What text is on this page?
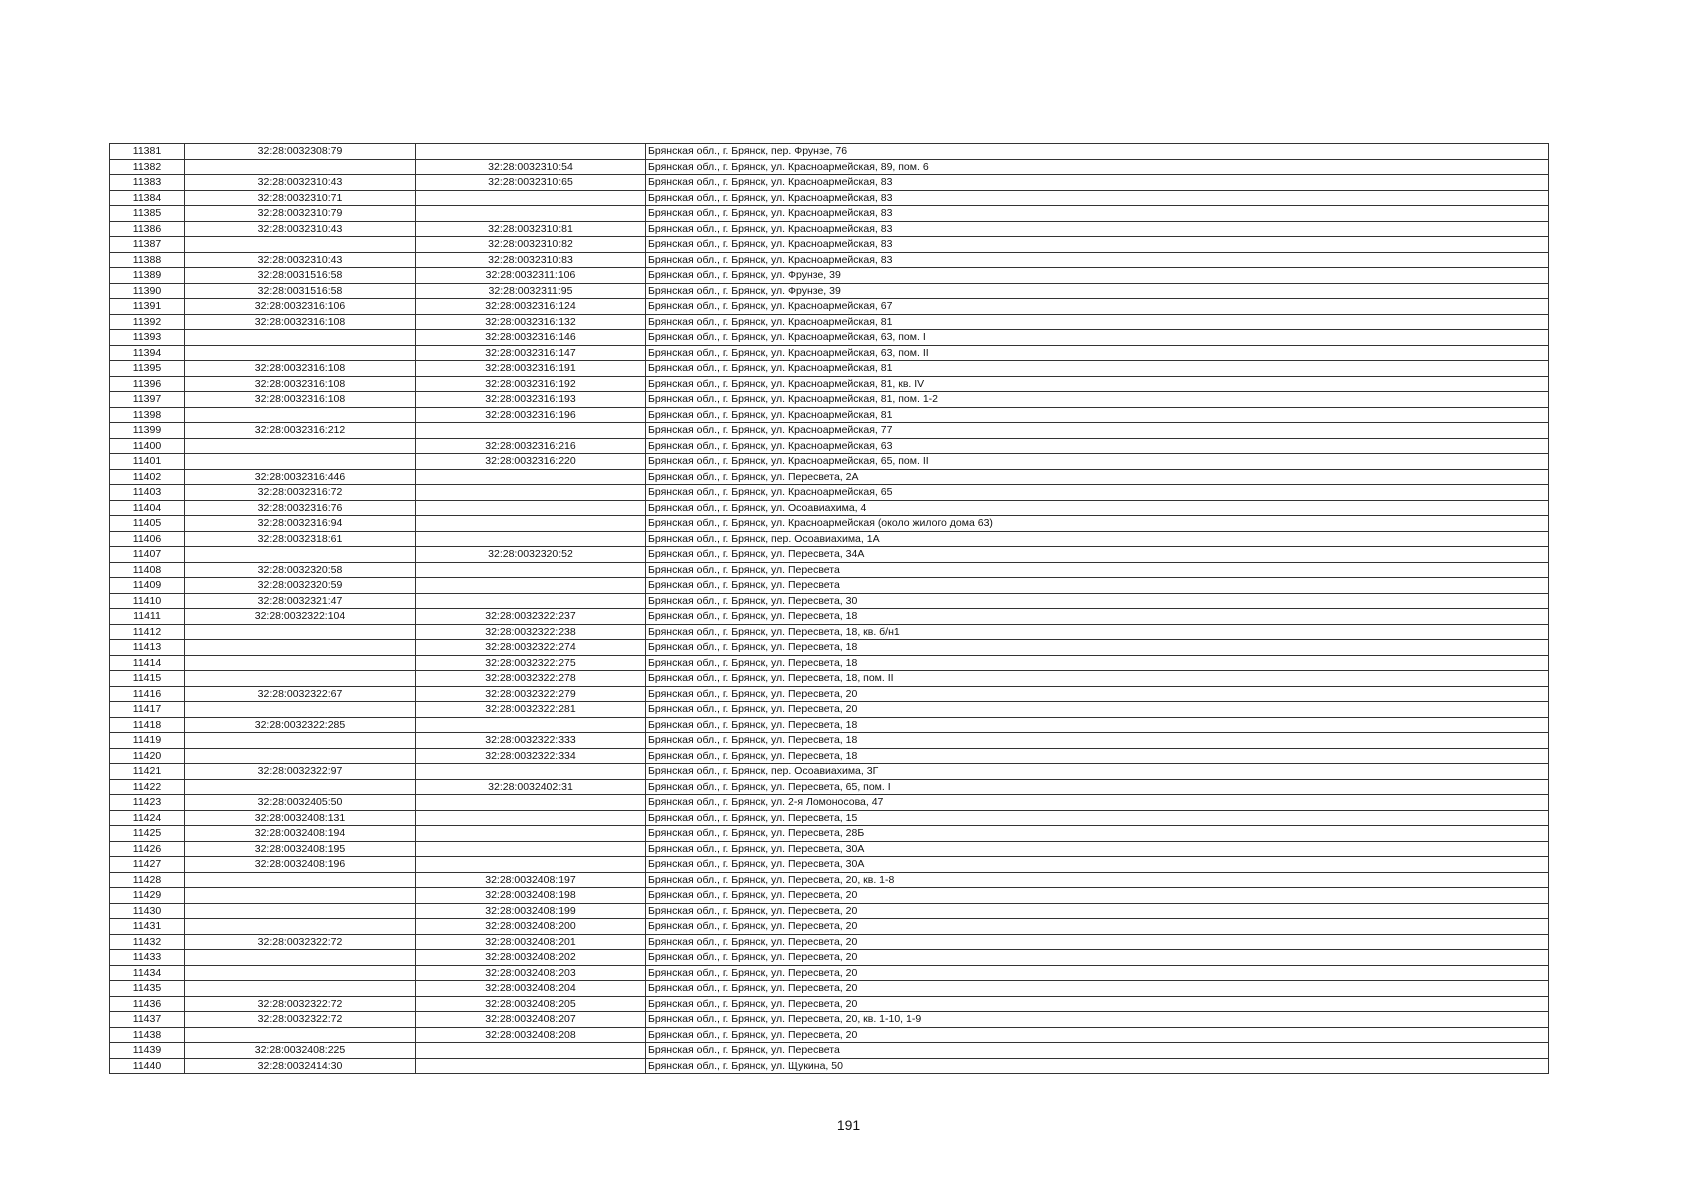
11381	32:28:0032308:79		Брянская обл., г. Брянск, пер. Фрунзе, 76
11382		32:28:0032310:54	Брянская обл., г. Брянск, ул. Красноармейская, 89, пом. 6
11383	32:28:0032310:43	32:28:0032310:65	Брянская обл., г. Брянск, ул. Красноармейская, 83
11384	32:28:0032310:71		Брянская обл., г. Брянск, ул. Красноармейская, 83
11385	32:28:0032310:79		Брянская обл., г. Брянск, ул. Красноармейская, 83
11386	32:28:0032310:43	32:28:0032310:81	Брянская обл., г. Брянск, ул. Красноармейская, 83
11387		32:28:0032310:82	Брянская обл., г. Брянск, ул. Красноармейская, 83
11388	32:28:0032310:43	32:28:0032310:83	Брянская обл., г. Брянск, ул. Красноармейская, 83
11389	32:28:0031516:58	32:28:0032311:106	Брянская обл., г. Брянск, ул. Фрунзе, 39
11390	32:28:0031516:58	32:28:0032311:95	Брянская обл., г. Брянск, ул. Фрунзе, 39
11391	32:28:0032316:106	32:28:0032316:124	Брянская обл., г. Брянск, ул. Красноармейская, 67
11392	32:28:0032316:108	32:28:0032316:132	Брянская обл., г. Брянск, ул. Красноармейская, 81
11393		32:28:0032316:146	Брянская обл., г. Брянск, ул. Красноармейская, 63, пом. I
11394		32:28:0032316:147	Брянская обл., г. Брянск, ул. Красноармейская, 63, пом. II
11395	32:28:0032316:108	32:28:0032316:191	Брянская обл., г. Брянск, ул. Красноармейская, 81
11396	32:28:0032316:108	32:28:0032316:192	Брянская обл., г. Брянск, ул. Красноармейская, 81, кв. IV
11397	32:28:0032316:108	32:28:0032316:193	Брянская обл., г. Брянск, ул. Красноармейская, 81, пом. 1-2
11398		32:28:0032316:196	Брянская обл., г. Брянск, ул. Красноармейская, 81
11399	32:28:0032316:212		Брянская обл., г. Брянск, ул. Красноармейская, 77
11400		32:28:0032316:216	Брянская обл., г. Брянск, ул. Красноармейская, 63
11401		32:28:0032316:220	Брянская обл., г. Брянск, ул. Красноармейская, 65, пом. II
11402	32:28:0032316:446		Брянская обл., г. Брянск, ул. Пересвета, 2А
11403	32:28:0032316:72		Брянская обл., г. Брянск, ул. Красноармейская, 65
11404	32:28:0032316:76		Брянская обл., г. Брянск, ул. Осоавиахима, 4
11405	32:28:0032316:94		Брянская обл., г. Брянск, ул. Красноармейская (около жилого дома 63)
11406	32:28:0032318:61		Брянская обл., г. Брянск, пер. Осоавиахима, 1А
11407		32:28:0032320:52	Брянская обл., г. Брянск, ул. Пересвета, 34А
11408	32:28:0032320:58		Брянская обл., г. Брянск, ул. Пересвета
11409	32:28:0032320:59		Брянская обл., г. Брянск, ул. Пересвета
11410	32:28:0032321:47		Брянская обл., г. Брянск, ул. Пересвета, 30
11411	32:28:0032322:104	32:28:0032322:237	Брянская обл., г. Брянск, ул. Пересвета, 18
11412		32:28:0032322:238	Брянская обл., г. Брянск, ул. Пересвета, 18, кв. б/н1
11413		32:28:0032322:274	Брянская обл., г. Брянск, ул. Пересвета, 18
11414		32:28:0032322:275	Брянская обл., г. Брянск, ул. Пересвета, 18
11415		32:28:0032322:278	Брянская обл., г. Брянск, ул. Пересвета, 18, пом. II
11416	32:28:0032322:67	32:28:0032322:279	Брянская обл., г. Брянск, ул. Пересвета, 20
11417		32:28:0032322:281	Брянская обл., г. Брянск, ул. Пересвета, 20
11418	32:28:0032322:285		Брянская обл., г. Брянск, ул. Пересвета, 18
11419		32:28:0032322:333	Брянская обл., г. Брянск, ул. Пересвета, 18
11420		32:28:0032322:334	Брянская обл., г. Брянск, ул. Пересвета, 18
11421	32:28:0032322:97		Брянская обл., г. Брянск, пер. Осоавиахима, 3Г
11422		32:28:0032402:31	Брянская обл., г. Брянск, ул. Пересвета, 65, пом. I
11423	32:28:0032405:50		Брянская обл., г. Брянск, ул. 2-я Ломоносова, 47
11424	32:28:0032408:131		Брянская обл., г. Брянск, ул. Пересвета, 15
11425	32:28:0032408:194		Брянская обл., г. Брянск, ул. Пересвета, 28Б
11426	32:28:0032408:195		Брянская обл., г. Брянск, ул. Пересвета, 30А
11427	32:28:0032408:196		Брянская обл., г. Брянск, ул. Пересвета, 30А
11428		32:28:0032408:197	Брянская обл., г. Брянск, ул. Пересвета, 20, кв. 1-8
11429		32:28:0032408:198	Брянская обл., г. Брянск, ул. Пересвета, 20
11430		32:28:0032408:199	Брянская обл., г. Брянск, ул. Пересвета, 20
11431		32:28:0032408:200	Брянская обл., г. Брянск, ул. Пересвета, 20
11432	32:28:0032322:72	32:28:0032408:201	Брянская обл., г. Брянск, ул. Пересвета, 20
11433		32:28:0032408:202	Брянская обл., г. Брянск, ул. Пересвета, 20
11434		32:28:0032408:203	Брянская обл., г. Брянск, ул. Пересвета, 20
11435		32:28:0032408:204	Брянская обл., г. Брянск, ул. Пересвета, 20
11436	32:28:0032322:72	32:28:0032408:205	Брянская обл., г. Брянск, ул. Пересвета, 20
11437	32:28:0032322:72	32:28:0032408:207	Брянская обл., г. Брянск, ул. Пересвета, 20, кв. 1-10, 1-9
11438		32:28:0032408:208	Брянская обл., г. Брянск, ул. Пересвета, 20
11439	32:28:0032408:225		Брянская обл., г. Брянск, ул. Пересвета
11440	32:28:0032414:30		Брянская обл., г. Брянск, ул. Щукина, 50
191
